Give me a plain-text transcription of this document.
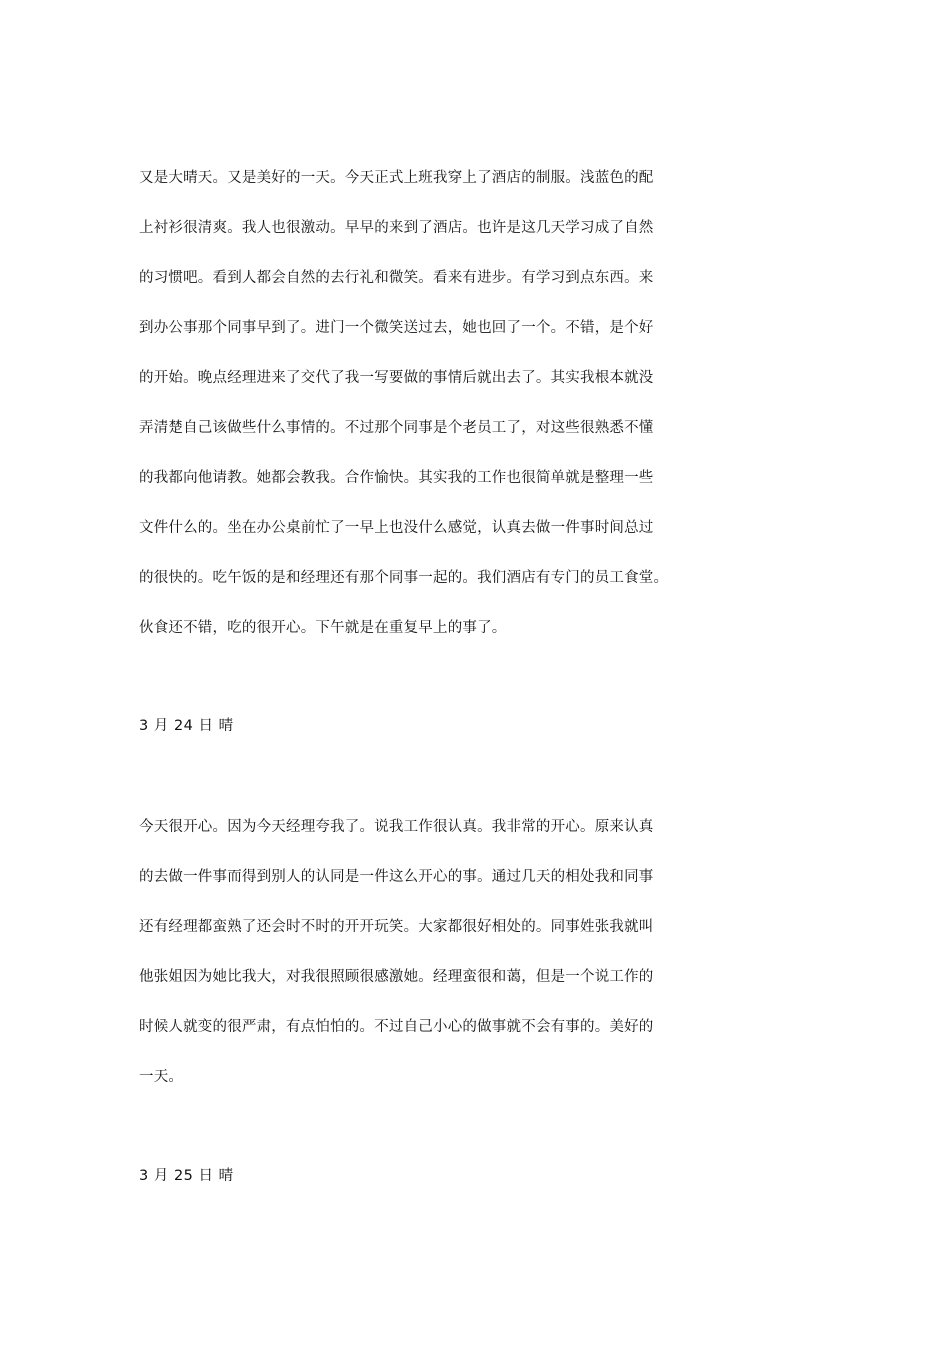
又是大晴天。又是美好的一天。今天正式上班我穿上了酒店的制服。浅蓝色的配
上衬衫很清爽。我人也很激动。早早的来到了酒店。也许是这几天学习成了自然
的习惯吧。看到人都会自然的去行礼和微笑。看来有进步。有学习到点东西。来
到办公事那个同事早到了。进门一个微笑送过去，她也回了一个。不错，是个好
的开始。晚点经理进来了交代了我一写要做的事情后就出去了。其实我根本就没
弄清楚自己该做些什么事情的。不过那个同事是个老员工了，对这些很熟悉不懂
的我都向他请教。她都会教我。合作愉快。其实我的工作也很简单就是整理一些
文件什么的。坐在办公桌前忙了一早上也没什么感觉，认真去做一件事时间总过
的很快的。吃午饭的是和经理还有那个同事一起的。我们酒店有专门的员工食堂。
伙食还不错，吃的很开心。下午就是在重复早上的事了。
3 月 24 日 晴
今天很开心。因为今天经理夸我了。说我工作很认真。我非常的开心。原来认真
的去做一件事而得到别人的认同是一件这么开心的事。通过几天的相处我和同事
还有经理都蛮熟了还会时不时的开开玩笑。大家都很好相处的。同事姓张我就叫
他张姐因为她比我大，对我很照顾很感激她。经理蛮很和蔼，但是一个说工作的
时候人就变的很严肃，有点怕怕的。不过自己小心的做事就不会有事的。美好的
一天。
3 月 25 日 晴
